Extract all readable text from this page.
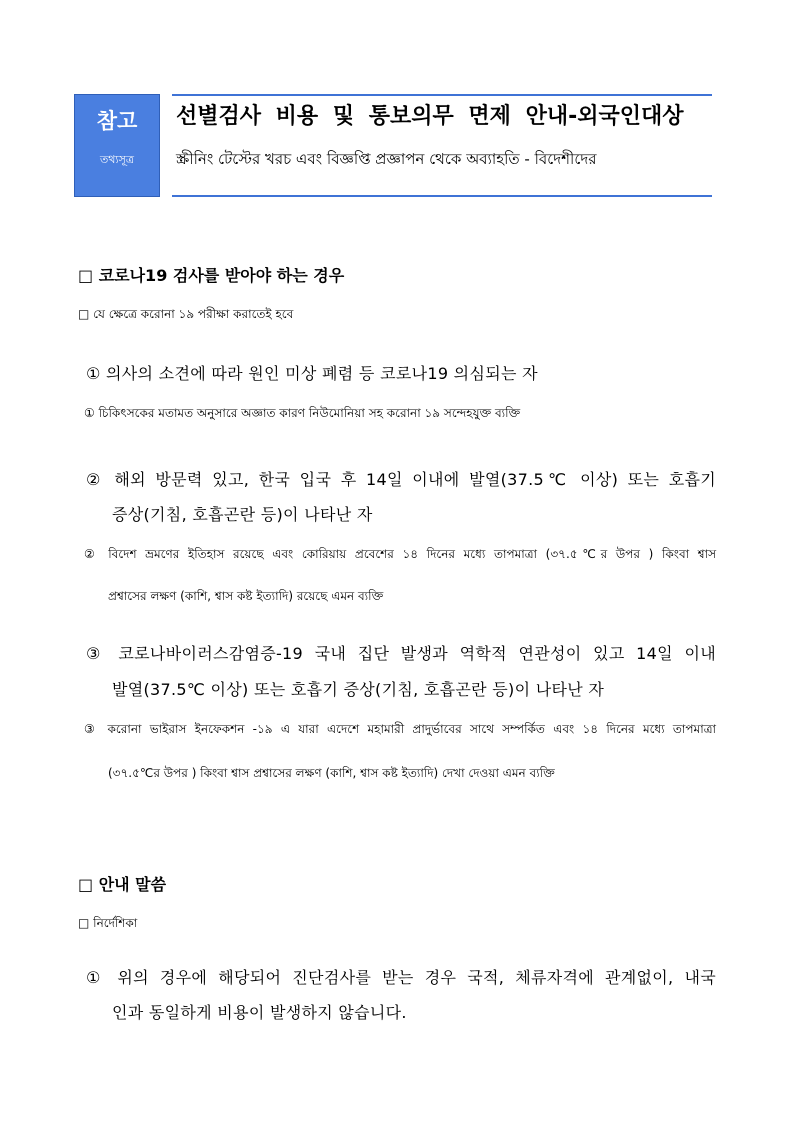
참고
তথ্যসূত্র
선별검사 비용 및 통보의무 면제 안내-외국인대상
স্ক্রীনিং টেস্টের খরচ এবং বিজ্ঞপ্তি প্রজ্ঞাপন থেকে অব্যাহতি - বিদেশীদের
□ 코로나19 검사를 받아야 하는 경우
□ যে ক্ষেত্রে করোনা ১৯ পরীক্ষা করাতেই হবে
① 의사의 소견에 따라 원인 미상 폐렴 등 코로나19 의심되는 자
① চিকিৎসকের মতামত অনুসারে অজ্ঞাত কারণ নিউমোনিয়া সহ করোনা ১৯ সন্দেহযুক্ত ব্যক্তি
② 해외 방문력 있고, 한국 입국 후 14일 이내에 발열(37.5℃ 이상) 또는 호흡기
증상(기침, 호흡곤란 등)이 나타난 자
② বিদেশ ভ্রমণের ইতিহাস রয়েছে এবং কোরিয়ায় প্রবেশের ১৪ দিনের মধ্যে তাপমাত্রা (৩৭.৫℃র উপর ) কিংবা শ্বাস
প্রশ্বাসের লক্ষণ (কাশি, শ্বাস কষ্ট ইত্যাদি) রয়েছে এমন ব্যক্তি
③ 코로나바이러스감염증-19 국내 집단 발생과 역학적 연관성이 있고 14일 이내
발열(37.5℃ 이상) 또는 호흡기 증상(기침, 호흡곤란 등)이 나타난 자
③ করোনা ভাইরাস ইনফেকশন -১৯ এ যারা এদেশে মহামারী প্রাদুর্ভাবের সাথে সম্পর্কিত এবং ১৪ দিনের মধ্যে তাপমাত্রা
(৩৭.৫℃র উপর ) কিংবা শ্বাস প্রশ্বাসের লক্ষণ (কাশি, শ্বাস কষ্ট ইত্যাদি) দেখা দেওয়া এমন ব্যক্তি
□ 안내 말씀
□ নির্দেশিকা
① 위의 경우에 해당되어 진단검사를 받는 경우 국적, 체류자격에 관계없이, 내국
인과 동일하게 비용이 발생하지 않습니다.
